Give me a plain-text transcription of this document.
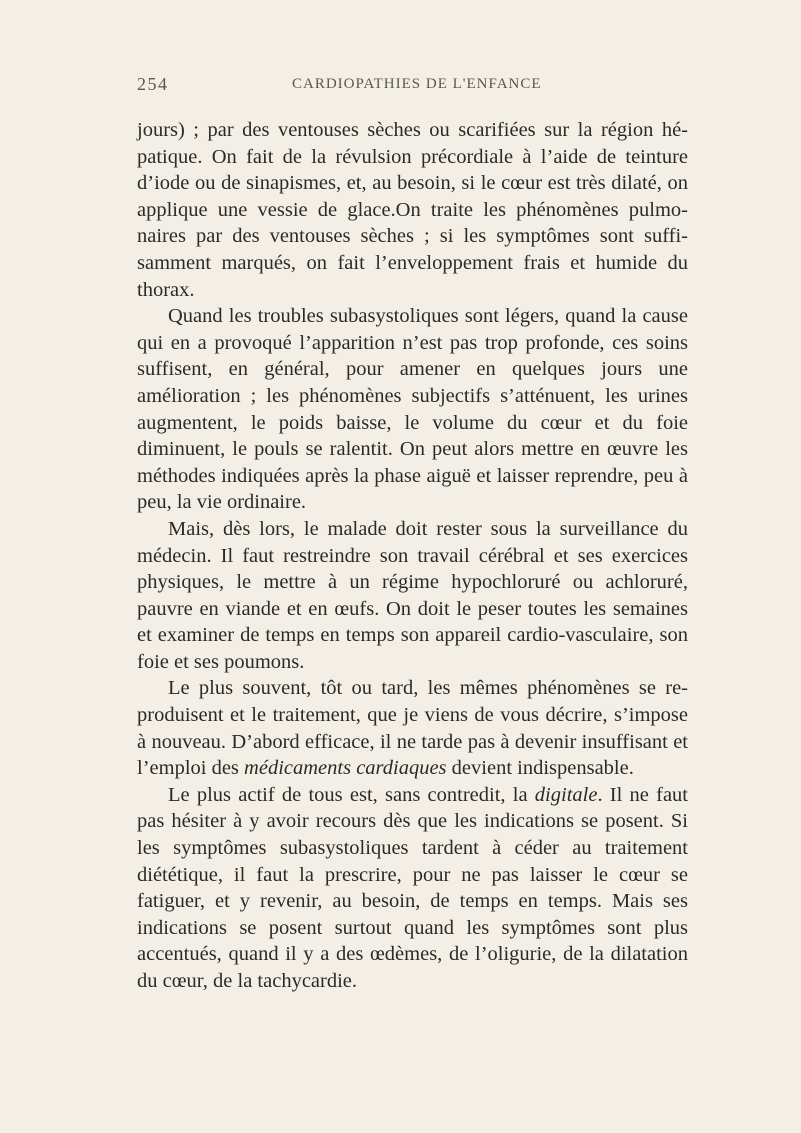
254	CARDIOPATHIES DE L'ENFANCE

jours) ; par des ventouses sèches ou scarifiées sur la région hépatique. On fait de la révulsion précordiale à l’aide de teinture d’iode ou de sinapismes, et, au besoin, si le cœur est très dilaté, on applique une vessie de glace.On traite les phénomènes pulmonaires par des ventouses sèches ; si les symptômes sont suffisamment marqués, on fait l’enveloppement frais et humide du thorax.

Quand les troubles subasystoliques sont légers, quand la cause qui en a provoqué l’apparition n’est pas trop profonde, ces soins suffisent, en général, pour amener en quelques jours une amélioration ; les phénomènes subjectifs s’atténuent, les urines augmentent, le poids baisse, le volume du cœur et du foie diminuent, le pouls se ralentit. On peut alors mettre en œuvre les méthodes indiquées après la phase aiguë et laisser reprendre, peu à peu, la vie ordinaire.

Mais, dès lors, le malade doit rester sous la surveillance du médecin. Il faut restreindre son travail cérébral et ses exercices physiques, le mettre à un régime hypochloruré ou achloruré, pauvre en viande et en œufs. On doit le peser toutes les semaines et examiner de temps en temps son appareil cardio-vasculaire, son foie et ses poumons.

Le plus souvent, tôt ou tard, les mêmes phénomènes se reproduisent et le traitement, que je viens de vous décrire, s’impose à nouveau. D’abord efficace, il ne tarde pas à devenir insuffisant et l’emploi des médicaments cardiaques devient indispensable.

Le plus actif de tous est, sans contredit, la digitale. Il ne faut pas hésiter à y avoir recours dès que les indications se posent. Si les symptômes subasystoliques tardent à céder au traitement diététique, il faut la prescrire, pour ne pas laisser le cœur se fatiguer, et y revenir, au besoin, de temps en temps. Mais ses indications se posent surtout quand les symptômes sont plus accentués, quand il y a des œdèmes, de l’oligurie, de la dilatation du cœur, de la tachycardie.
